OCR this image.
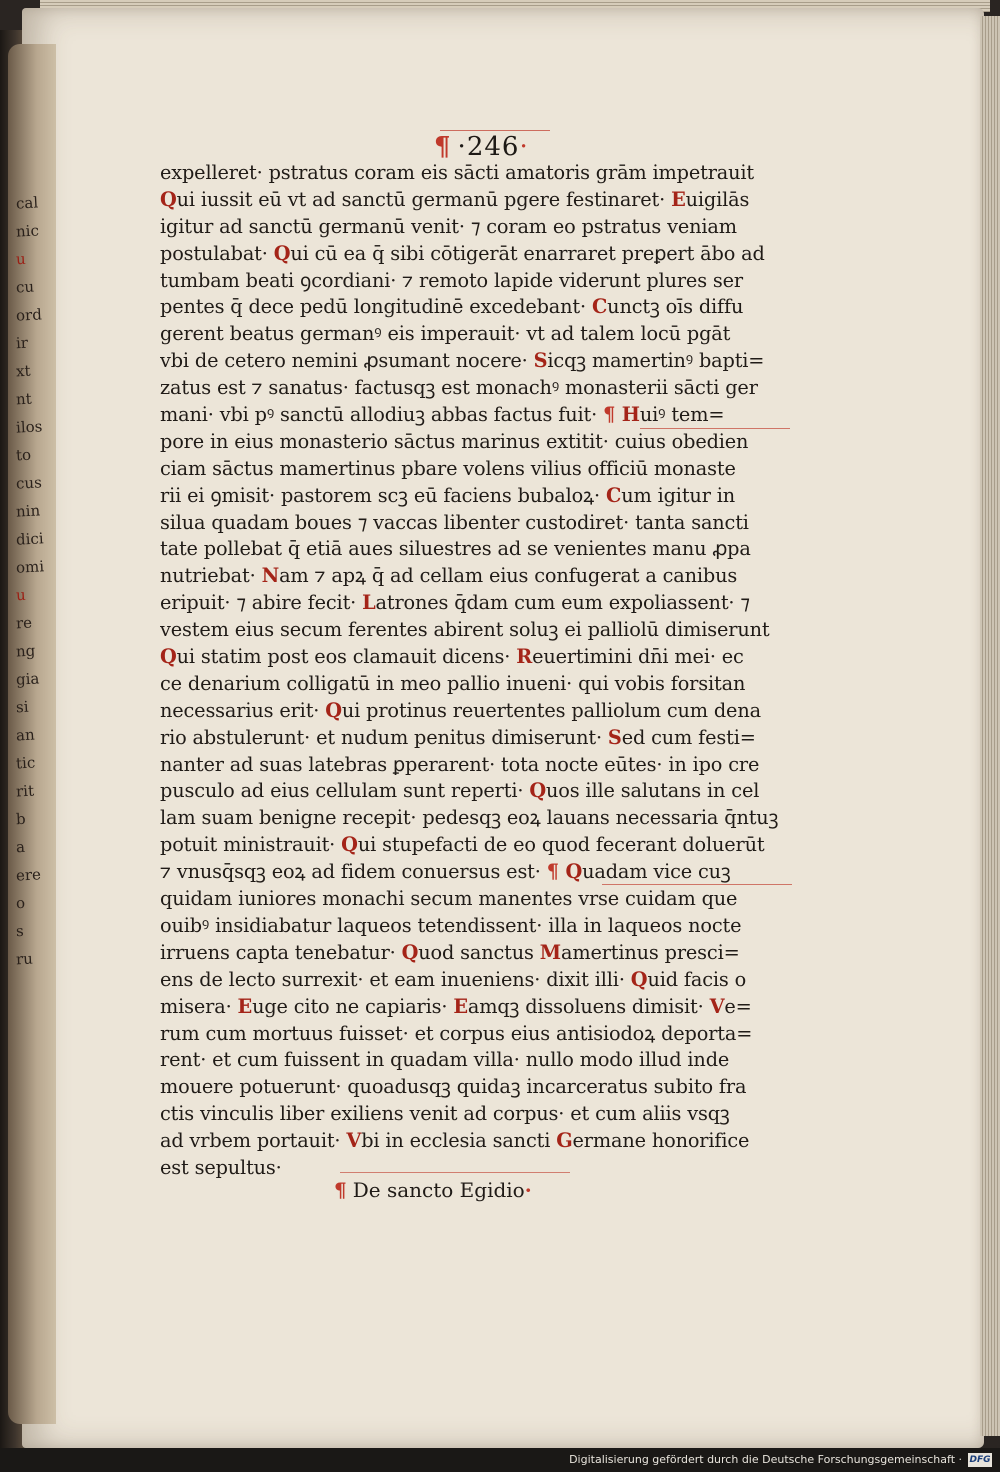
cal
nic
u
cu
ord
ir
xt
nt
ilos
to
cus
nin
dici
omi
u
re
ng
gia
si
an
tic
rit
b
a
ere
o
s
ru
¶ ·246·
expelleret· pstratus coram eis sācti amatoris grām impetrauit
Qui iussit eū vt ad sanctū germanū pgere festinaret· Euigilās
igitur ad sanctū germanū venit· ⁊ coram eo pstratus veniam
postulabat· Qui cū ea q̄ sibi cōtigerāt enarraret preꝑert ābo ad
tumbam beati ꝯcordiani· ⁊ remoto lapide viderunt plures ser
pentes q̄ dece pedū longitudinē excedebant· Cunctꝫ oīs diffu
gerent beatus germanꝰ eis imperauit· vt ad talem locū pgāt
vbi de cetero nemini ꝓsumant nocere· Sicqꝫ mamertinꝰ bapti=
zatus est ⁊ sanatus· factusqꝫ est monachꝰ monasterii sācti ger
mani· vbi pꝰ sanctū allodiuꝫ abbas factus fuit· ¶ Huiꝰ tem=
pore in eius monasterio sāctus marinus extitit· cuius obedien
ciam sāctus mamertinus pbare volens vilius officiū monaste
rii ei ꝯmisit· pastorem scꝫ eū faciens bubaloꝝ· Cum igitur in
silua quadam boues ⁊ vaccas libenter custodiret· tanta sancti
tate pollebat q̄ etiā aues siluestres ad se venientes manu ꝓpa
nutriebat· Nam ⁊ apꝝ q̄ ad cellam eius confugerat a canibus
eripuit· ⁊ abire fecit· Latrones q̄dam cum eum expoliassent· ⁊
vestem eius secum ferentes abirent soluꝫ ei palliolū dimiserunt
Qui statim post eos clamauit dicens· Reuertimini dn̄i mei· ec
ce denarium colligatū in meo pallio inueni· qui vobis forsitan
necessarius erit· Qui protinus reuertentes palliolum cum dena
rio abstulerunt· et nudum penitus dimiserunt· Sed cum festi=
nanter ad suas latebras ꝑperarent· tota nocte eūtes· in ipo cre
pusculo ad eius cellulam sunt reperti· Quos ille salutans in cel
lam suam benigne recepit· pedesqꝫ eoꝝ lauans necessaria q̄ntuꝫ
potuit ministrauit· Qui stupefacti de eo quod fecerant doluerūt
⁊ vnusq̄sqꝫ eoꝝ ad fidem conuersus est· ¶ Quadam vice cuꝫ
quidam iuniores monachi secum manentes vrse cuidam que
ouibꝰ insidiabatur laqueos tetendissent· illa in laqueos nocte
irruens capta tenebatur· Quod sanctus Mamertinus presci=
ens de lecto surrexit· et eam inueniens· dixit illi· Quid facis o
misera· Euge cito ne capiaris· Eamqꝫ dissoluens dimisit· Ve=
rum cum mortuus fuisset· et corpus eius antisiodoꝝ deporta=
rent· et cum fuissent in quadam villa· nullo modo illud inde
mouere potuerunt· quoadusqꝫ quidaꝫ incarceratus subito fra
ctis vinculis liber exiliens venit ad corpus· et cum aliis vsqꝫ
ad vrbem portauit· Vbi in ecclesia sancti Germane honorifice
est sepultus·
¶ De sancto Egidio·
Digitalisierung gefördert durch die Deutsche Forschungsgemeinschaft · DFG
